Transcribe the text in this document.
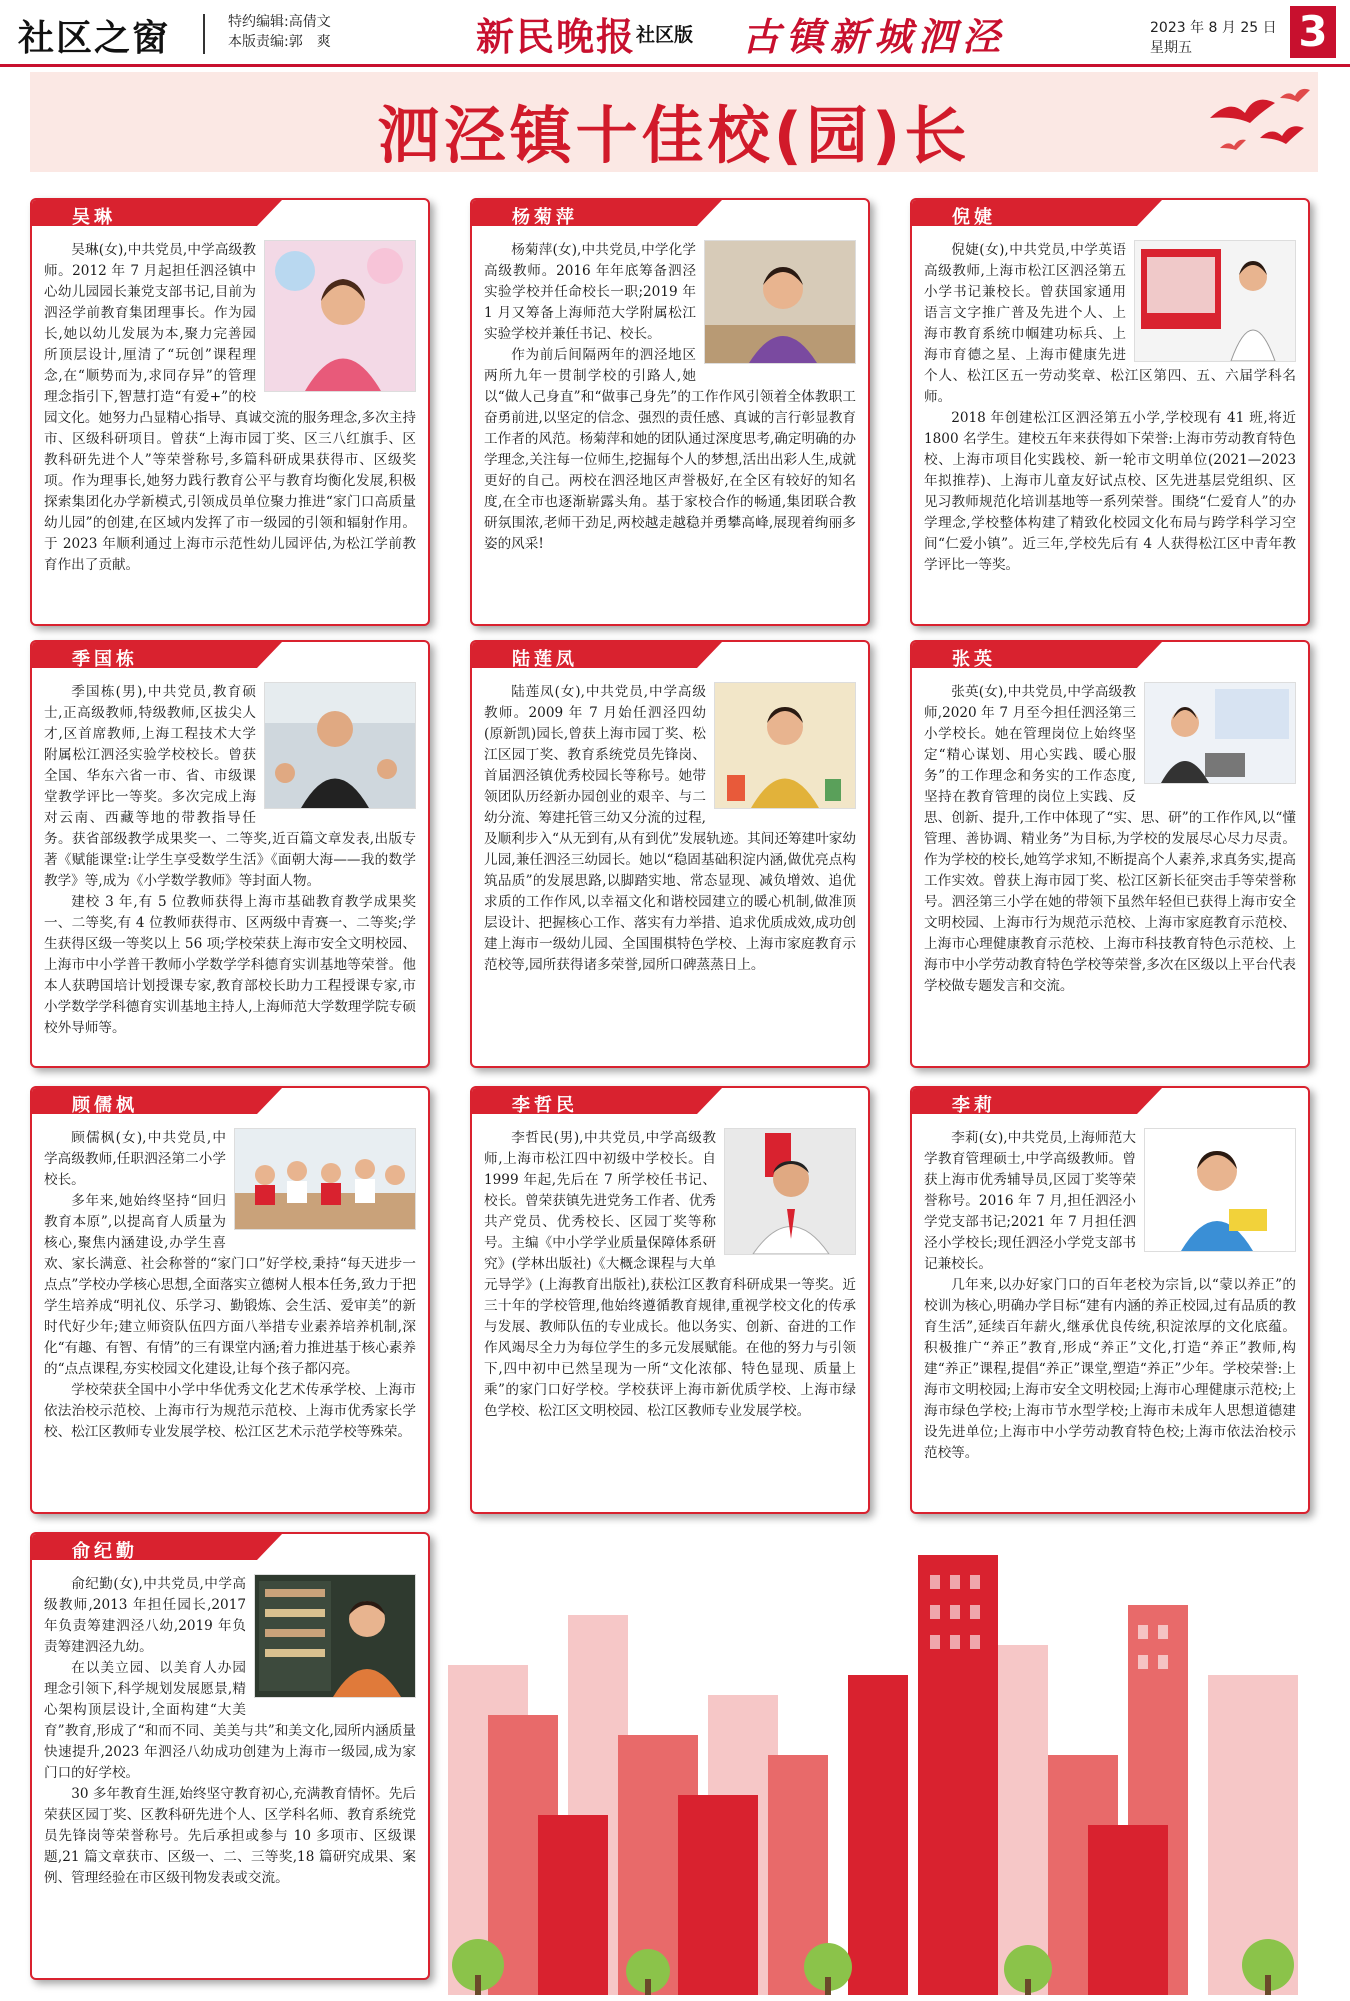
社区之窗	特约编辑:高倩文
本版责编:郭　爽	新民晚报 社区版 古镇新城泗泾	2023 年 8 月 25 日
星期五	3
泗泾镇十佳校(园)长
吴琳

吴琳(女),中共党员,中学高级教师。2012 年 7 月起担任泗泾镇中心幼儿园园长兼党支部书记,目前为泗泾学前教育集团理事长。作为园长,她以幼儿发展为本,聚力完善园所顶层设计,厘清了“玩创”课程理念,在“顺势而为,求同存异”的管理理念指引下,智慧打造“有爱+”的校园文化。她努力凸显精心指导、真诚交流的服务理念,多次主持市、区级科研项目。曾获“上海市园丁奖、区三八红旗手、区教科研先进个人”等荣誉称号,多篇科研成果获得市、区级奖项。作为理事长,她努力践行教育公平与教育均衡化发展,积极探索集团化办学新模式,引领成员单位聚力推进“家门口高质量幼儿园”的创建,在区域内发挥了市一级园的引领和辐射作用。于 2023 年顺利通过上海市示范性幼儿园评估,为松江学前教育作出了贡献。

杨菊萍

杨菊萍(女),中共党员,中学化学高级教师。2016 年年底筹备泗泾实验学校并任命校长一职;2019 年 1 月又筹备上海师范大学附属松江实验学校并兼任书记、校长。

作为前后间隔两年的泗泾地区两所九年一贯制学校的引路人,她以“做人己身直”和“做事己身先”的工作作风引领着全体教职工奋勇前进,以坚定的信念、强烈的责任感、真诚的言行彰显教育工作者的风范。杨菊萍和她的团队通过深度思考,确定明确的办学理念,关注每一位师生,挖掘每个人的梦想,活出出彩人生,成就更好的自己。两校在泗泾地区声誉极好,在全区有较好的知名度,在全市也逐渐崭露头角。基于家校合作的畅通,集团联合教研氛围浓,老师干劲足,两校越走越稳并勇攀高峰,展现着绚丽多姿的风采!

倪婕

倪婕(女),中共党员,中学英语高级教师,上海市松江区泗泾第五小学书记兼校长。曾获国家通用语言文字推广普及先进个人、上海市教育系统巾帼建功标兵、上海市育德之星、上海市健康先进个人、松江区五一劳动奖章、松江区第四、五、六届学科名师。

2018 年创建松江区泗泾第五小学,学校现有 41 班,将近 1800 名学生。建校五年来获得如下荣誉:上海市劳动教育特色校、上海市项目化实践校、新一轮市文明单位(2021—2023 年拟推荐)、上海市儿童友好试点校、区先进基层党组织、区见习教师规范化培训基地等一系列荣誉。围绕“仁爱育人”的办学理念,学校整体构建了精致化校园文化布局与跨学科学习空间“仁爱小镇”。近三年,学校先后有 4 人获得松江区中青年教学评比一等奖。

季国栋

季国栋(男),中共党员,教育硕士,正高级教师,特级教师,区拔尖人才,区首席教师,上海工程技术大学附属松江泗泾实验学校校长。曾获全国、华东六省一市、省、市级课堂教学评比一等奖。多次完成上海对云南、西藏等地的带教指导任务。获省部级教学成果奖一、二等奖,近百篇文章发表,出版专著《赋能课堂:让学生享受数学生活》《面朝大海——我的数学教学》等,成为《小学数学教师》等封面人物。

建校 3 年,有 5 位教师获得上海市基础教育教学成果奖一、二等奖,有 4 位教师获得市、区两级中青赛一、二等奖;学生获得区级一等奖以上 56 项;学校荣获上海市安全文明校园、上海市中小学普干教师小学数学学科德育实训基地等荣誉。他本人获聘国培计划授课专家,教育部校长助力工程授课专家,市小学数学学科德育实训基地主持人,上海师范大学数理学院专硕校外导师等。

陆莲凤

陆莲凤(女),中共党员,中学高级教师。2009 年 7 月始任泗泾四幼(原新凯)园长,曾获上海市园丁奖、松江区园丁奖、教育系统党员先锋岗、首届泗泾镇优秀校园长等称号。她带领团队历经新办园创业的艰辛、与二幼分流、筹建托管三幼又分流的过程,及顺利步入“从无到有,从有到优”发展轨迹。其间还筹建叶家幼儿园,兼任泗泾三幼园长。她以“稳固基础积淀内涵,做优亮点构筑品质”的发展思路,以脚踏实地、常态显现、减负增效、追优求质的工作作风,以幸福文化和谐校园建立的暖心机制,做准顶层设计、把握核心工作、落实有力举措、追求优质成效,成功创建上海市一级幼儿园、全国围棋特色学校、上海市家庭教育示范校等,园所获得诸多荣誉,园所口碑蒸蒸日上。

张英

张英(女),中共党员,中学高级教师,2020 年 7 月至今担任泗泾第三小学校长。她在管理岗位上始终坚定“精心谋划、用心实践、暖心服务”的工作理念和务实的工作态度,坚持在教育管理的岗位上实践、反思、创新、提升,工作中体现了“实、思、研”的工作作风,以“懂管理、善协调、精业务”为目标,为学校的发展尽心尽力尽责。作为学校的校长,她笃学求知,不断提高个人素养,求真务实,提高工作实效。曾获上海市园丁奖、松江区新长征突击手等荣誉称号。泗泾第三小学在她的带领下虽然年轻但已获得上海市安全文明校园、上海市行为规范示范校、上海市家庭教育示范校、上海市心理健康教育示范校、上海市科技教育特色示范校、上海市中小学劳动教育特色学校等荣誉,多次在区级以上平台代表学校做专题发言和交流。

顾儒枫

顾儒枫(女),中共党员,中学高级教师,任职泗泾第二小学校长。

多年来,她始终坚持“回归教育本原”,以提高育人质量为核心,聚焦内涵建设,办学生喜欢、家长满意、社会称誉的“家门口”好学校,秉持“每天进步一点点”学校办学核心思想,全面落实立德树人根本任务,致力于把学生培养成“明礼仪、乐学习、勤锻炼、会生活、爱审美”的新时代好少年;建立师资队伍四方面八举措专业素养培养机制,深化“有趣、有智、有情”的三有课堂内涵;着力推进基于核心素养的“点点课程,夯实校园文化建设,让每个孩子都闪亮。

学校荣获全国中小学中华优秀文化艺术传承学校、上海市依法治校示范校、上海市行为规范示范校、上海市优秀家长学校、松江区教师专业发展学校、松江区艺术示范学校等殊荣。

李哲民

李哲民(男),中共党员,中学高级教师,上海市松江四中初级中学校长。自 1999 年起,先后在 7 所学校任书记、校长。曾荣获镇先进党务工作者、优秀共产党员、优秀校长、区园丁奖等称号。主编《中小学学业质量保障体系研究》(学林出版社)《大概念课程与大单元导学》(上海教育出版社),获松江区教育科研成果一等奖。近三十年的学校管理,他始终遵循教育规律,重视学校文化的传承与发展、教师队伍的专业成长。他以务实、创新、奋进的工作作风竭尽全力为每位学生的多元发展赋能。在他的努力与引领下,四中初中已然呈现为一所“文化浓郁、特色显现、质量上乘”的家门口好学校。学校获评上海市新优质学校、上海市绿色学校、松江区文明校园、松江区教师专业发展学校。

李莉

李莉(女),中共党员,上海师范大学教育管理硕士,中学高级教师。曾获上海市优秀辅导员,区园丁奖等荣誉称号。2016 年 7 月,担任泗泾小学党支部书记;2021 年 7 月担任泗泾小学校长;现任泗泾小学党支部书记兼校长。

几年来,以办好家门口的百年老校为宗旨,以“蒙以养正”的校训为核心,明确办学目标“建有内涵的养正校园,过有品质的教育生活”,延续百年薪火,继承优良传统,积淀浓厚的文化底蕴。积极推广“养正”教育,形成“养正”文化,打造“养正”教师,构建“养正”课程,提倡“养正”课堂,塑造“养正”少年。学校荣誉:上海市文明校园;上海市安全文明校园;上海市心理健康示范校;上海市绿色学校;上海市节水型学校;上海市未成年人思想道德建设先进单位;上海市中小学劳动教育特色校;上海市依法治校示范校等。

俞纪勤

俞纪勤(女),中共党员,中学高级教师,2013 年担任园长,2017 年负责筹建泗泾八幼,2019 年负责筹建泗泾九幼。

在以美立园、以美育人办园理念引领下,科学规划发展愿景,精心架构顶层设计,全面构建“大美育”教育,形成了“和而不同、美美与共”和美文化,园所内涵质量快速提升,2023 年泗泾八幼成功创建为上海市一级园,成为家门口的好学校。

30 多年教育生涯,始终坚守教育初心,充满教育情怀。先后荣获区园丁奖、区教科研先进个人、区学科名师、教育系统党员先锋岗等荣誉称号。先后承担或参与 10 多项市、区级课题,21 篇文章获市、区级一、二、三等奖,18 篇研究成果、案例、管理经验在市区级刊物发表或交流。
